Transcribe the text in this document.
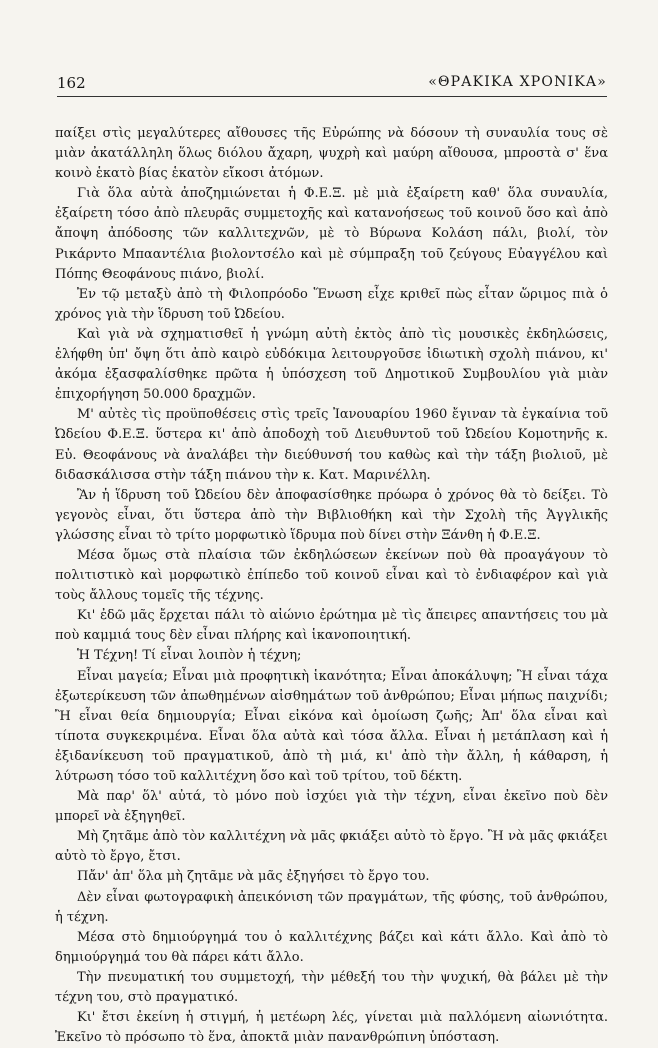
162	«ΘΡΑΚΙΚΑ ΧΡΟΝΙΚΑ»

παίξει στὶς μεγαλύτερες αἴθουσες τῆς Εὐρώπης νὰ δόσουν τὴ συναυλία τους σὲ μιὰν ἀκατάλληλη ὅλως διόλου ἄχαρη, ψυχρὴ καὶ μαύρη αἴθουσα, μπροστὰ σ' ἕνα κοινὸ ἑκατὸ βίας ἑκατὸν εἴκοσι ἀτόμων.

Γιὰ ὅλα αὐτὰ ἀποζημιώνεται ἡ Φ.Ε.Ξ. μὲ μιὰ ἐξαίρετη καθ' ὅλα συναυλία, ἐξαίρετη τόσο ἀπὸ πλευρᾶς συμμετοχῆς καὶ κατανοήσεως τοῦ κοινοῦ ὅσο καὶ ἀπὸ ἄποψη ἀπόδοσης τῶν καλλιτεχνῶν, μὲ τὸ Βύρωνα Κολάση πάλι, βιολί, τὸν Ρικάρντο Μπααντέλια βιολοντσέλο καὶ μὲ σύμπραξη τοῦ ζεύγους Εὐαγγέλου καὶ Πόπης Θεοφάνους πιάνο, βιολί.

Ἐν τῷ μεταξὺ ἀπὸ τὴ Φιλοπρόοδο Ἕνωση εἶχε κριθεῖ πὼς εἶταν ὥριμος πιὰ ὁ χρόνος γιὰ τὴν ἵδρυση τοῦ Ὠδείου.

Καὶ γιὰ νὰ σχηματισθεῖ ἡ γνώμη αὐτὴ ἐκτὸς ἀπὸ τὶς μουσικὲς ἐκδηλώσεις, ἐλήφθη ὑπ' ὄψη ὅτι ἀπὸ καιρὸ εὐδόκιμα λειτουργοῦσε ἰδιωτικὴ σχολὴ πιάνου, κι' ἀκόμα ἐξασφαλίσθηκε πρῶτα ἡ ὑπόσχεση τοῦ Δημοτικοῦ Συμβουλίου γιὰ μιὰν ἐπιχορήγηση 50.000 δραχμῶν.

Μ' αὐτὲς τὶς προϋποθέσεις στὶς τρεῖς Ἰανουαρίου 1960 ἔγιναν τὰ ἐγκαίνια τοῦ Ὠδείου Φ.Ε.Ξ. ὕστερα κι' ἀπὸ ἀποδοχὴ τοῦ Διευθυντοῦ τοῦ Ὠδείου Κομοτηνῆς κ. Εὐ. Θεοφάνους νὰ ἀναλάβει τὴν διεύθυνσή του καθὼς καὶ τὴν τάξη βιολιοῦ, μὲ διδασκάλισσα στὴν τάξη πιάνου τὴν κ. Κατ. Μαρινέλλη.

Ἂν ἡ ἵδρυση τοῦ Ὠδείου δὲν ἀποφασίσθηκε πρόωρα ὁ χρόνος θὰ τὸ δείξει. Τὸ γεγονὸς εἶναι, ὅτι ὕστερα ἀπὸ τὴν Βιβλιοθήκη καὶ τὴν Σχολὴ τῆς Ἀγγλικῆς γλώσσης εἶναι τὸ τρίτο μορφωτικὸ ἵδρυμα ποὺ δίνει στὴν Ξάνθη ἡ Φ.Ε.Ξ.

Μέσα ὅμως στὰ πλαίσια τῶν ἐκδηλώσεων ἐκείνων ποὺ θὰ προαγάγουν τὸ πολιτιστικὸ καὶ μορφωτικὸ ἐπίπεδο τοῦ κοινοῦ εἶναι καὶ τὸ ἐνδιαφέρον καὶ γιὰ τοὺς ἄλλους τομεῖς τῆς τέχνης.

Κι' ἐδῶ μᾶς ἔρχεται πάλι τὸ αἰώνιο ἐρώτημα μὲ τὶς ἄπειρες απαντήσεις του μὰ ποὺ καμμιά τους δὲν εἶναι πλήρης καὶ ἱκανοποιητική.

Ἡ Τέχνη! Τί εἶναι λοιπὸν ἡ τέχνη;

Εἶναι μαγεία; Εἶναι μιὰ προφητικὴ ἱκανότητα; Εἶναι ἀποκάλυψη; Ἢ εἶναι τάχα ἐξωτερίκευση τῶν ἀπωθημένων αἰσθημάτων τοῦ ἀνθρώπου; Εἶναι μήπως παιχνίδι; Ἢ εἶναι θεία δημιουργία; Εἶναι εἰκόνα καὶ ὁμοίωση ζωῆς; Ἀπ' ὅλα εἶναι καὶ τίποτα συγκεκριμένα. Εἶναι ὅλα αὐτὰ καὶ τόσα ἄλλα. Εἶναι ἡ μετάπλαση καὶ ἡ ἐξιδανίκευση τοῦ πραγματικοῦ, ἀπὸ τὴ μιά, κι' ἀπὸ τὴν ἄλλη, ἡ κάθαρση, ἡ λύτρωση τόσο τοῦ καλλιτέχνη ὅσο καὶ τοῦ τρίτου, τοῦ δέκτη.

Μὰ παρ' ὅλ' αὐτά, τὸ μόνο ποὺ ἰσχύει γιὰ τὴν τέχνη, εἶναι ἐκεῖνο ποὺ δὲν μπορεῖ νὰ ἐξηγηθεῖ.

Μὴ ζητᾶμε ἀπὸ τὸν καλλιτέχνη νὰ μᾶς φκιάξει αὐτὸ τὸ ἔργο. Ἢ νὰ μᾶς φκιάξει αὐτὸ τὸ ἔργο, ἔτσι.

Πἄν' ἀπ' ὅλα μὴ ζητᾶμε νὰ μᾶς ἐξηγήσει τὸ ἔργο του.

Δὲν εἶναι φωτογραφικὴ ἀπεικόνιση τῶν πραγμάτων, τῆς φύσης, τοῦ ἀνθρώπου, ἡ τέχνη.

Μέσα στὸ δημιούργημά του ὁ καλλιτέχνης βάζει καὶ κάτι ἄλλο. Καὶ ἀπὸ τὸ δημιούργημά του θὰ πάρει κάτι ἄλλο.

Τὴν πνευματική του συμμετοχή, τὴν μέθεξή του τὴν ψυχική, θὰ βάλει μὲ τὴν τέχνη του, στὸ πραγματικό.

Κι' ἔτσι ἐκείνη ἡ στιγμή, ἡ μετέωρη λές, γίνεται μιὰ παλλόμενη αἰωνιότητα. Ἐκεῖνο τὸ πρόσωπο τὸ ἕνα, ἀποκτᾶ μιὰν πανανθρώπινη ὑπόσταση.
